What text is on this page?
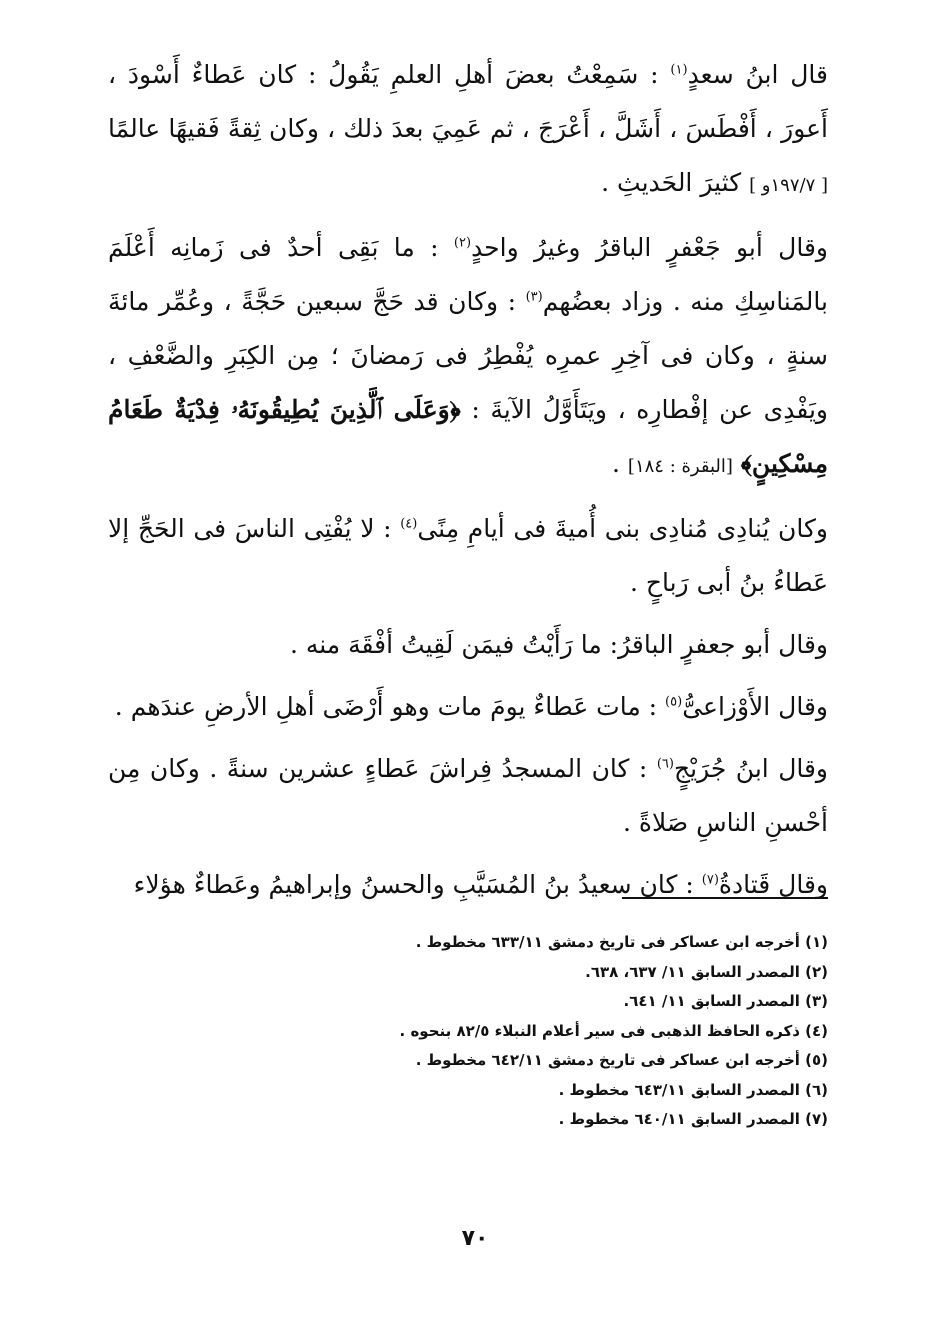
قال ابنُ سعدٍ$^{(١)}$ : سَمِعْتُ بعضَ أهلِ العلمِ يَقُولُ : كان عَطاءٌ أَسْودَ ، أَعورَ ، أَفْطَسَ ، أَشَلَّ ، أَعْرَجَ ، ثم عَمِيَ بعدَ ذلك ، وكان ثِقةً فَقيهًا عالمًا [ ١٩٧/٧و ] كثيرَ الحَديثِ .

وقال أبو جَعْفرٍ الباقرُ وغيرُ واحدٍ$^{(٢)}$ : ما بَقِى أحدٌ فى زَمانِه أَعْلَمَ بالمَناسِكِ منه . وزاد بعضُهم$^{(٣)}$ : وكان قد حَجَّ سبعين حَجَّةً ، وعُمِّر مائةَ سنةٍ ، وكان فى آخِرِ عمرِه يُفْطِرُ فى رَمضانَ ؛ مِن الكِبَرِ والضَّعْفِ ، ويَفْدِى عن إفْطارِه ، ويَتَأَوَّلُ الآيةَ : ﴿وَعَلَى ٱلَّذِينَ يُطِيقُونَهُۥ فِدْيَةٌ طَعَامُ مِسْكِينٍ﴾ [البقرة : ١٨٤] .

وكان يُنادِى مُنادِى بنى أُميةَ فى أيامِ مِنًى$^{(٤)}$ : لا يُفْتِى الناسَ فى الحَجِّ إلا عَطاءُ بنُ أبى رَباحٍ .

وقال أبو جعفرٍ الباقرُ: ما رَأَيْتُ فيمَن لَقِيتُ أفْقَهَ منه .

وقال الأَوْزاعىُّ$^{(٥)}$ : مات عَطاءٌ يومَ مات وهو أَرْضَى أهلِ الأرضِ عندَهم .

وقال ابنُ جُرَيْجٍ$^{(٦)}$ : كان المسجدُ فِراشَ عَطاءٍ عشرين سنةً . وكان مِن أحْسنِ الناسِ صَلاةً .

وقال قَتادةُ$^{(٧)}$ : كان سعيدُ بنُ المُسَيَّبِ والحسنُ وإبراهيمُ وعَطاءٌ هؤلاء

(١) أخرجه ابن عساكر فى تاريخ دمشق ٦٣٣/١١ مخطوط .
(٢) المصدر السابق ١١/ ٦٣٧، ٦٣٨.
(٣) المصدر السابق ١١/ ٦٤١.
(٤) ذكره الحافظ الذهبى فى سير أعلام النبلاء ٨٢/٥ بنحوه .
(٥) أخرجه ابن عساكر فى تاريخ دمشق ٦٤٢/١١ مخطوط .
(٦) المصدر السابق ٦٤٣/١١ مخطوط .
(٧) المصدر السابق ٦٤٠/١١ مخطوط .
٧٠
